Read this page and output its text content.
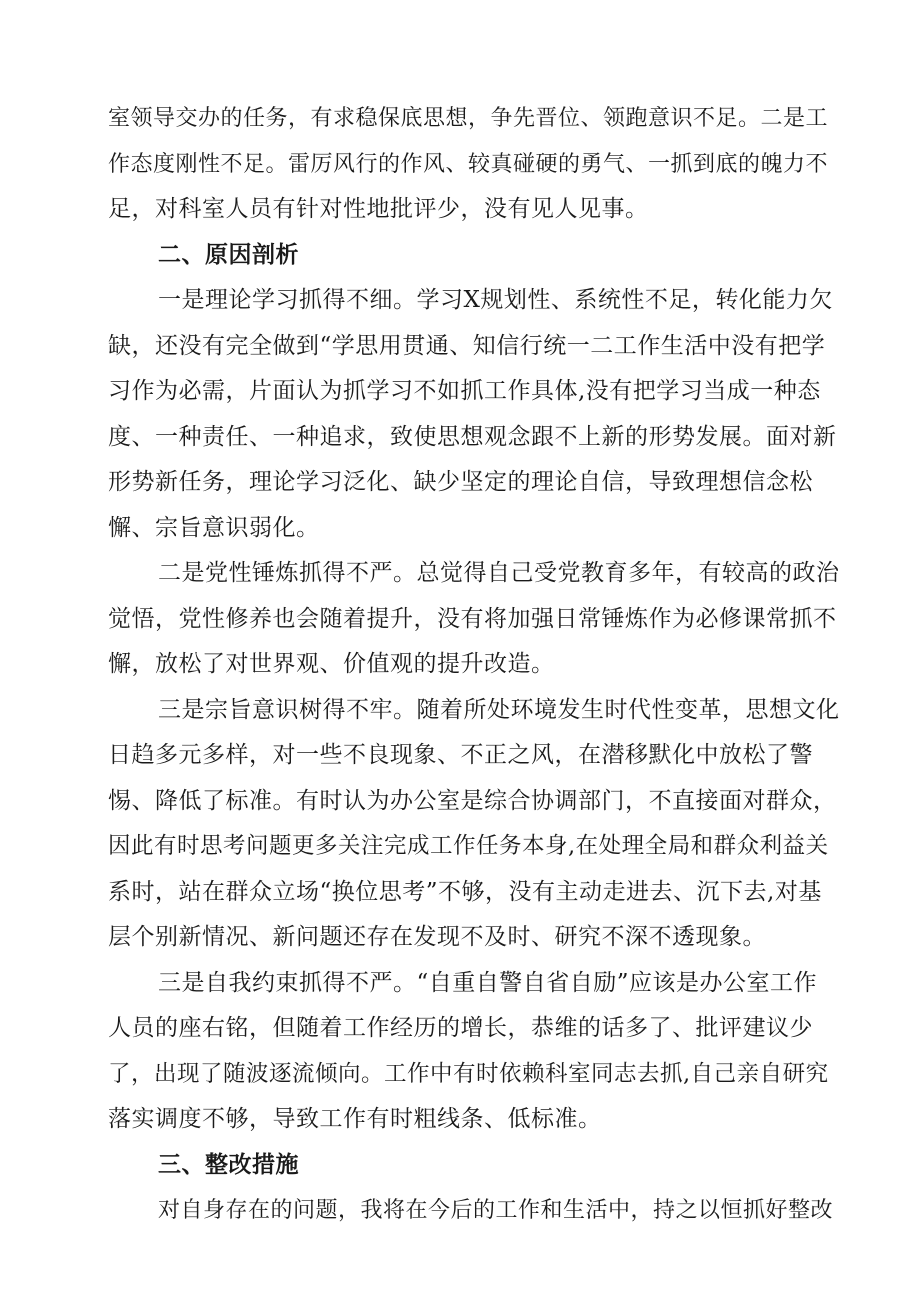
室领导交办的任务，有求稳保底思想，争先晋位、领跑意识不足。二是工
作态度刚性不足。雷厉风行的作风、较真碰硬的勇气、一抓到底的魄力不
足，对科室人员有针对性地批评少，没有见人见事。
二、原因剖析
一是理论学习抓得不细。学习X规划性、系统性不足，转化能力欠
缺，还没有完全做到“学思用贯通、知信行统一二工作生活中没有把学
习作为必需，片面认为抓学习不如抓工作具体,没有把学习当成一种态
度、一种责任、一种追求，致使思想观念跟不上新的形势发展。面对新
形势新任务，理论学习泛化、缺少坚定的理论自信，导致理想信念松
懈、宗旨意识弱化。
二是党性锤炼抓得不严。总觉得自己受党教育多年，有较高的政治
觉悟，党性修养也会随着提升，没有将加强日常锤炼作为必修课常抓不
懈，放松了对世界观、价值观的提升改造。
三是宗旨意识树得不牢。随着所处环境发生时代性变革，思想文化
日趋多元多样，对一些不良现象、不正之风，在潜移默化中放松了警
惕、降低了标准。有时认为办公室是综合协调部门，不直接面对群众，
因此有时思考问题更多关注完成工作任务本身,在处理全局和群众利益关
系时，站在群众立场“换位思考”不够，没有主动走进去、沉下去,对基
层个别新情况、新问题还存在发现不及时、研究不深不透现象。
三是自我约束抓得不严。“自重自警自省自励”应该是办公室工作
人员的座右铭，但随着工作经历的增长，恭维的话多了、批评建议少
了，出现了随波逐流倾向。工作中有时依赖科室同志去抓,自己亲自研究
落实调度不够，导致工作有时粗线条、低标准。
三、整改措施
对自身存在的问题，我将在今后的工作和生活中，持之以恒抓好整改
